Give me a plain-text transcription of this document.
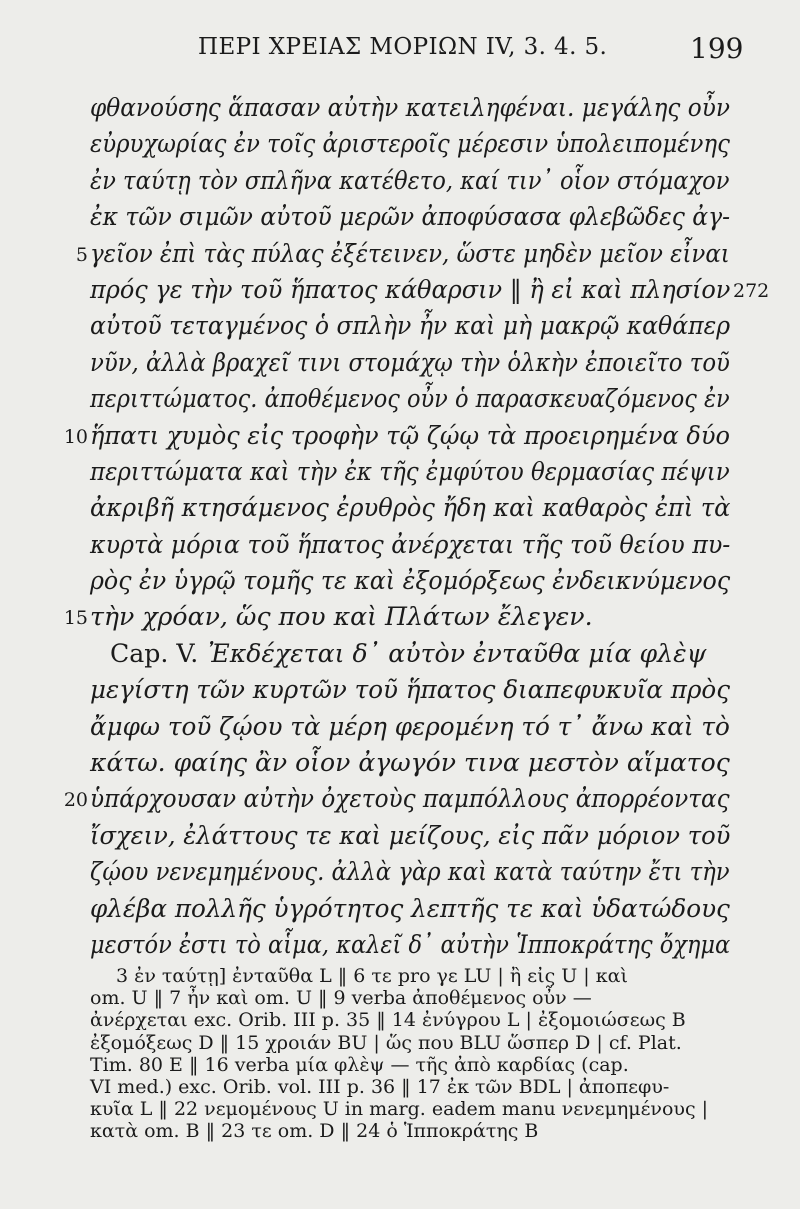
ΠΕΡΙ ΧΡΕΙΑΣ ΜΟΡΙΩΝ IV, 3. 4. 5.	199
φθανούσης ἅπασαν αὐτὴν κατειληφέναι. μεγάλης οὖν
εὐρυχωρίας ἐν τοῖς ἀριστεροῖς μέρεσιν ὑπολειπομένης
ἐν ταύτῃ τὸν σπλῆνα κατέθετο, καί τιν᾽ οἷον στόμαχον
ἐκ τῶν σιμῶν αὐτοῦ μερῶν ἀποφύσασα φλεβῶδες ἀγ-
5 γεῖον ἐπὶ τὰς πύλας ἐξέτεινεν, ὥστε μηδὲν μεῖον εἶναι
πρός γε τὴν τοῦ ἥπατος κάθαρσιν ‖ ἢ εἰ καὶ πλησίον 272
αὐτοῦ τεταγμένος ὁ σπλὴν ἦν καὶ μὴ μακρῷ καθάπερ
νῦν, ἀλλὰ βραχεῖ τινι στομάχῳ τὴν ὁλκὴν ἐποιεῖτο τοῦ
περιττώματος. ἀποθέμενος οὖν ὁ παρασκευαζόμενος ἐν
10 ἥπατι χυμὸς εἰς τροφὴν τῷ ζῴῳ τὰ προειρημένα δύο
περιττώματα καὶ τὴν ἐκ τῆς ἐμφύτου θερμασίας πέψιν
ἀκριβῆ κτησάμενος ἐρυθρὸς ἤδη καὶ καθαρὸς ἐπὶ τὰ
κυρτὰ μόρια τοῦ ἥπατος ἀνέρχεται τῆς τοῦ θείου πυ-
ρὸς ἐν ὑγρῷ τομῆς τε καὶ ἐξομόρξεως ἐνδεικνύμενος
15 τὴν χρόαν, ὥς που καὶ Πλάτων ἔλεγεν.
Cap. V. Ἐκδέχεται δ᾽ αὐτὸν ἐνταῦθα μία φλὲψ
μεγίστη τῶν κυρτῶν τοῦ ἥπατος διαπεφυκυῖα πρὸς
ἄμφω τοῦ ζῴου τὰ μέρη φερομένη τό τ᾽ ἄνω καὶ τὸ
κάτω. φαίης ἂν οἷον ἀγωγόν τινα μεστὸν αἵματος
20 ὑπάρχουσαν αὐτὴν ὀχετοὺς παμπόλλους ἀπορρέοντας
ἴσχειν, ἐλάττους τε καὶ μείζους, εἰς πᾶν μόριον τοῦ
ζῴου νενεμημένους. ἀλλὰ γὰρ καὶ κατὰ ταύτην ἔτι τὴν
φλέβα πολλῆς ὑγρότητος λεπτῆς τε καὶ ὑδατώδους
μεστόν ἐστι τὸ αἷμα, καλεῖ δ᾽ αὐτὴν Ἱπποκράτης ὄχημα
3 ἐν ταύτῃ] ἐνταῦθα L ‖ 6 τε pro γε LU | ἢ εἰς U | καὶ
om. U ‖ 7 ἦν καὶ om. U ‖ 9 verba ἀποθέμενος οὖν —
ἀνέρχεται exc. Orib. III p. 35 ‖ 14 ἐνύγρου L | ἐξομοιώσεως B
ἐξομόξεως D ‖ 15 χροιάν BU | ὥς που BLU ὥσπερ D | cf. Plat.
Tim. 80 E ‖ 16 verba μία φλὲψ — τῆς ἀπὸ καρδίας (cap.
VI med.) exc. Orib. vol. III p. 36 ‖ 17 ἐκ τῶν BDL | ἀποπεφυ-
κυῖα L ‖ 22 νεμομένους U in marg. eadem manu νενεμημένους |
κατὰ om. B ‖ 23 τε om. D ‖ 24 ὁ Ἱπποκράτης B
